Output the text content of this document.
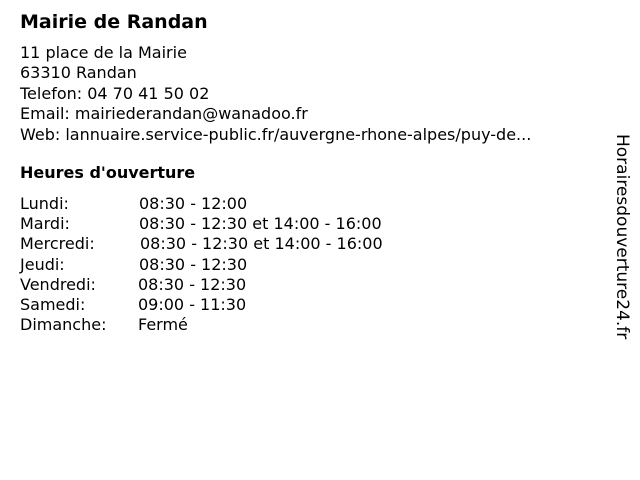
Mairie de Randan
11 place de la Mairie
63310 Randan
Telefon: 04 70 41 50 02
Email: mairiederandan@wanadoo.fr
Web: lannuaire.service-public.fr/auvergne-rhone-alpes/puy-de...
Heures d'ouverture
Lundi:	08:30 - 12:00
Mardi:	08:30 - 12:30 et 14:00 - 16:00
Mercredi:	08:30 - 12:30 et 14:00 - 16:00
Jeudi:	08:30 - 12:30
Vendredi:	08:30 - 12:30
Samedi:	09:00 - 11:30
Dimanche: Fermé	Horairesdouverture24.fr
